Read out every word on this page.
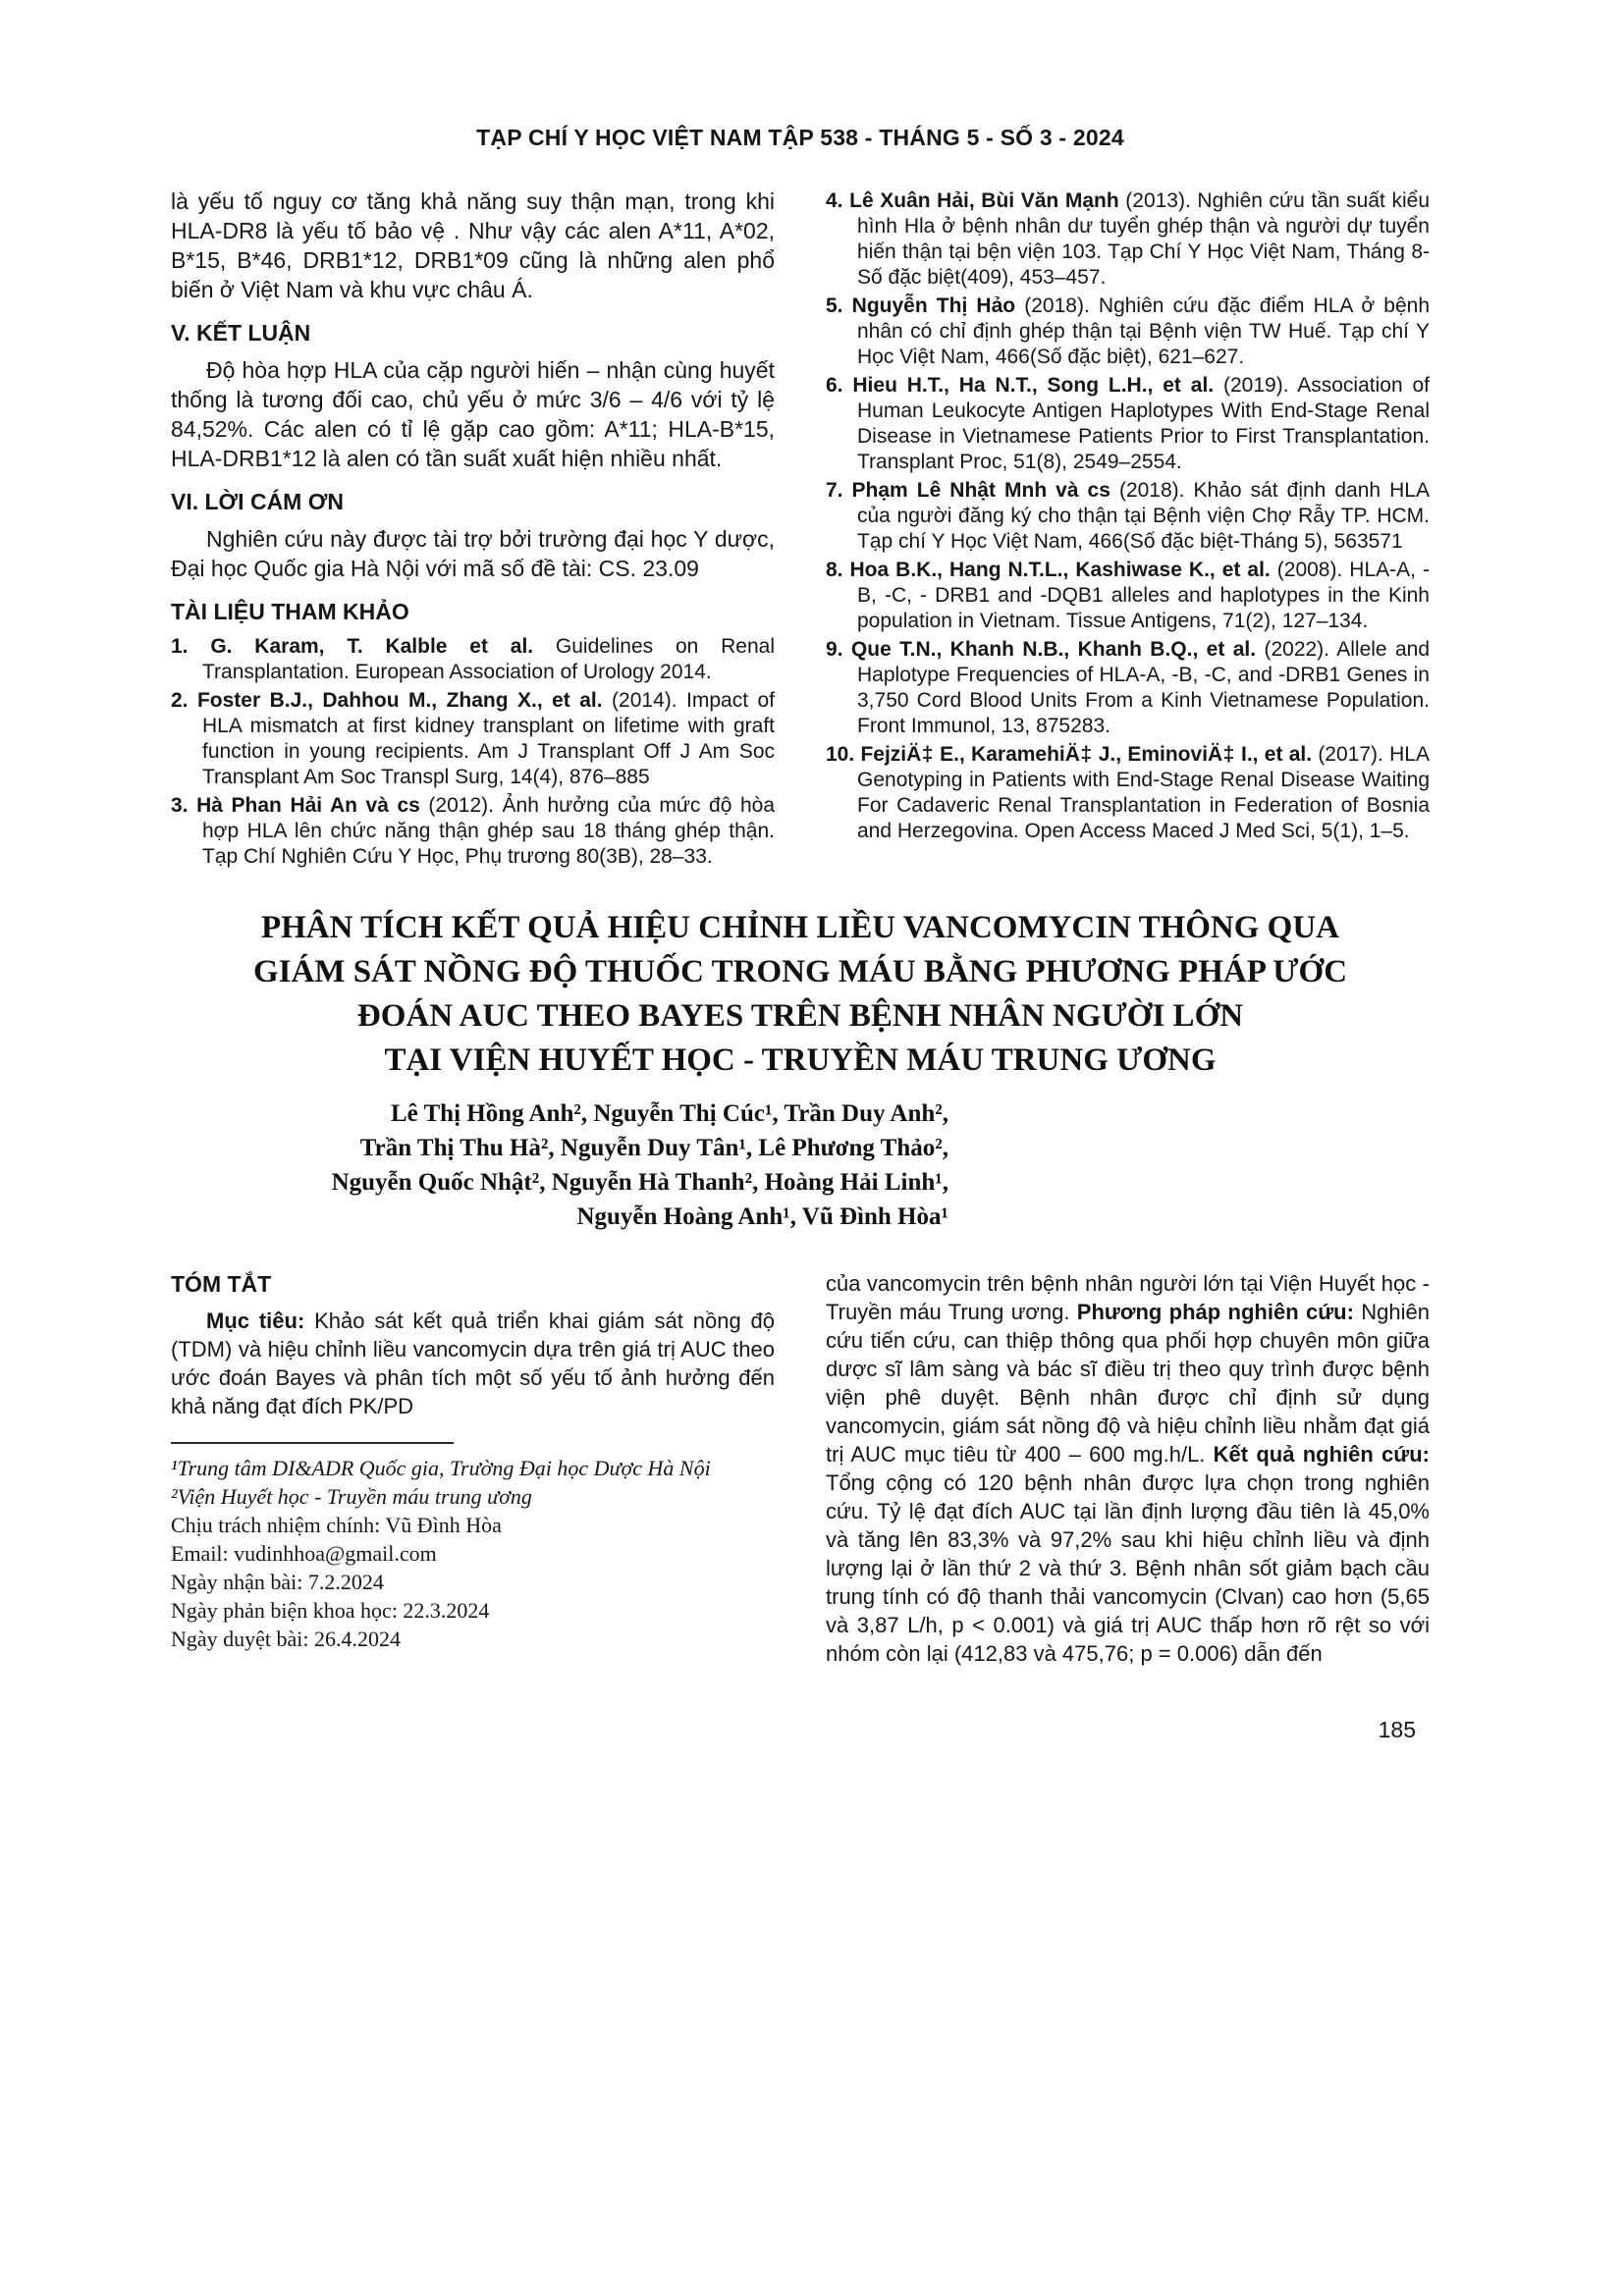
TẠP CHÍ Y HỌC VIỆT NAM TẬP 538 - THÁNG 5 - SỐ 3 - 2024

là yếu tố nguy cơ tăng khả năng suy thận mạn, trong khi HLA-DR8 là yếu tố bảo vệ . Như vậy các alen A*11, A*02, B*15, B*46, DRB1*12, DRB1*09 cũng là những alen phổ biến ở Việt Nam và khu vực châu Á.

V. KẾT LUẬN

Độ hòa hợp HLA của cặp người hiến – nhận cùng huyết thống là tương đối cao, chủ yếu ở mức 3/6 – 4/6 với tỷ lệ 84,52%. Các alen có tỉ lệ gặp cao gồm: A*11; HLA-B*15, HLA-DRB1*12 là alen có tần suất xuất hiện nhiều nhất.

VI. LỜI CÁM ƠN

Nghiên cứu này được tài trợ bởi trường đại học Y dược, Đại học Quốc gia Hà Nội với mã số đề tài: CS. 23.09

TÀI LIỆU THAM KHẢO
1. G. Karam, T. Kalble et al. Guidelines on Renal Transplantation. European Association of Urology 2014.
2. Foster B.J., Dahhou M., Zhang X., et al. (2014). Impact of HLA mismatch at first kidney transplant on lifetime with graft function in young recipients. Am J Transplant Off J Am Soc Transplant Am Soc Transpl Surg, 14(4), 876–885
3. Hà Phan Hải An và cs (2012). Ảnh hưởng của mức độ hòa hợp HLA lên chức năng thận ghép sau 18 tháng ghép thận. Tạp Chí Nghiên Cứu Y Học, Phụ trương 80(3B), 28–33.
4. Lê Xuân Hải, Bùi Văn Mạnh (2013). Nghiên cứu tần suất kiểu hình Hla ở bệnh nhân dư tuyển ghép thận và người dự tuyển hiến thận tại bện viện 103. Tạp Chí Y Học Việt Nam, Tháng 8-Số đặc biệt(409), 453–457.
5. Nguyễn Thị Hảo (2018). Nghiên cứu đặc điểm HLA ở bệnh nhân có chỉ định ghép thận tại Bệnh viện TW Huế. Tạp chí Y Học Việt Nam, 466(Số đặc biệt), 621–627.
6. Hieu H.T., Ha N.T., Song L.H., et al. (2019). Association of Human Leukocyte Antigen Haplotypes With End-Stage Renal Disease in Vietnamese Patients Prior to First Transplantation. Transplant Proc, 51(8), 2549–2554.
7. Phạm Lê Nhật Mnh và cs (2018). Khảo sát định danh HLA của người đăng ký cho thận tại Bệnh viện Chợ Rẫy TP. HCM. Tạp chí Y Học Việt Nam, 466(Số đặc biệt-Tháng 5), 563571
8. Hoa B.K., Hang N.T.L., Kashiwase K., et al. (2008). HLA-A, -B, -C, - DRB1 and -DQB1 alleles and haplotypes in the Kinh population in Vietnam. Tissue Antigens, 71(2), 127–134.
9. Que T.N., Khanh N.B., Khanh B.Q., et al. (2022). Allele and Haplotype Frequencies of HLA-A, -B, -C, and -DRB1 Genes in 3,750 Cord Blood Units From a Kinh Vietnamese Population. Front Immunol, 13, 875283.
10. FejziÄ‡ E., KaramehiÄ‡ J., EminoviÄ‡ I., et al. (2017). HLA Genotyping in Patients with End-Stage Renal Disease Waiting For Cadaveric Renal Transplantation in Federation of Bosnia and Herzegovina. Open Access Maced J Med Sci, 5(1), 1–5.
PHÂN TÍCH KẾT QUẢ HIỆU CHỈNH LIỀU VANCOMYCIN THÔNG QUA
GIÁM SÁT NỒNG ĐỘ THUỐC TRONG MÁU BẰNG PHƯƠNG PHÁP ƯỚC
ĐOÁN AUC THEO BAYES TRÊN BỆNH NHÂN NGƯỜI LỚN
TẠI VIỆN HUYẾT HỌC - TRUYỀN MÁU TRUNG ƯƠNG
Lê Thị Hồng Anh², Nguyễn Thị Cúc¹, Trần Duy Anh²,
Trần Thị Thu Hà², Nguyễn Duy Tân¹, Lê Phương Thảo²,
Nguyễn Quốc Nhật², Nguyễn Hà Thanh², Hoàng Hải Linh¹,
Nguyễn Hoàng Anh¹, Vũ Đình Hòa¹
TÓM TẮT

Mục tiêu: Khảo sát kết quả triển khai giám sát nồng độ (TDM) và hiệu chỉnh liều vancomycin dựa trên giá trị AUC theo ước đoán Bayes và phân tích một số yếu tố ảnh hưởng đến khả năng đạt đích PK/PD

¹Trung tâm DI&ADR Quốc gia, Trường Đại học Dược Hà Nội
²Viện Huyết học - Truyền máu trung ương
Chịu trách nhiệm chính: Vũ Đình Hòa
Email: vudinhhoa@gmail.com
Ngày nhận bài: 7.2.2024
Ngày phản biện khoa học: 22.3.2024
Ngày duyệt bài: 26.4.2024

của vancomycin trên bệnh nhân người lớn tại Viện Huyết học - Truyền máu Trung ương. Phương pháp nghiên cứu: Nghiên cứu tiến cứu, can thiệp thông qua phối hợp chuyên môn giữa dược sĩ lâm sàng và bác sĩ điều trị theo quy trình được bệnh viện phê duyệt. Bệnh nhân được chỉ định sử dụng vancomycin, giám sát nồng độ và hiệu chỉnh liều nhằm đạt giá trị AUC mục tiêu từ 400 – 600 mg.h/L. Kết quả nghiên cứu: Tổng cộng có 120 bệnh nhân được lựa chọn trong nghiên cứu. Tỷ lệ đạt đích AUC tại lần định lượng đầu tiên là 45,0% và tăng lên 83,3% và 97,2% sau khi hiệu chỉnh liều và định lượng lại ở lần thứ 2 và thứ 3. Bệnh nhân sốt giảm bạch cầu trung tính có độ thanh thải vancomycin (Clvan) cao hơn (5,65 và 3,87 L/h, p < 0.001) và giá trị AUC thấp hơn rõ rệt so với nhóm còn lại (412,83 và 475,76; p = 0.006) dẫn đến

185
